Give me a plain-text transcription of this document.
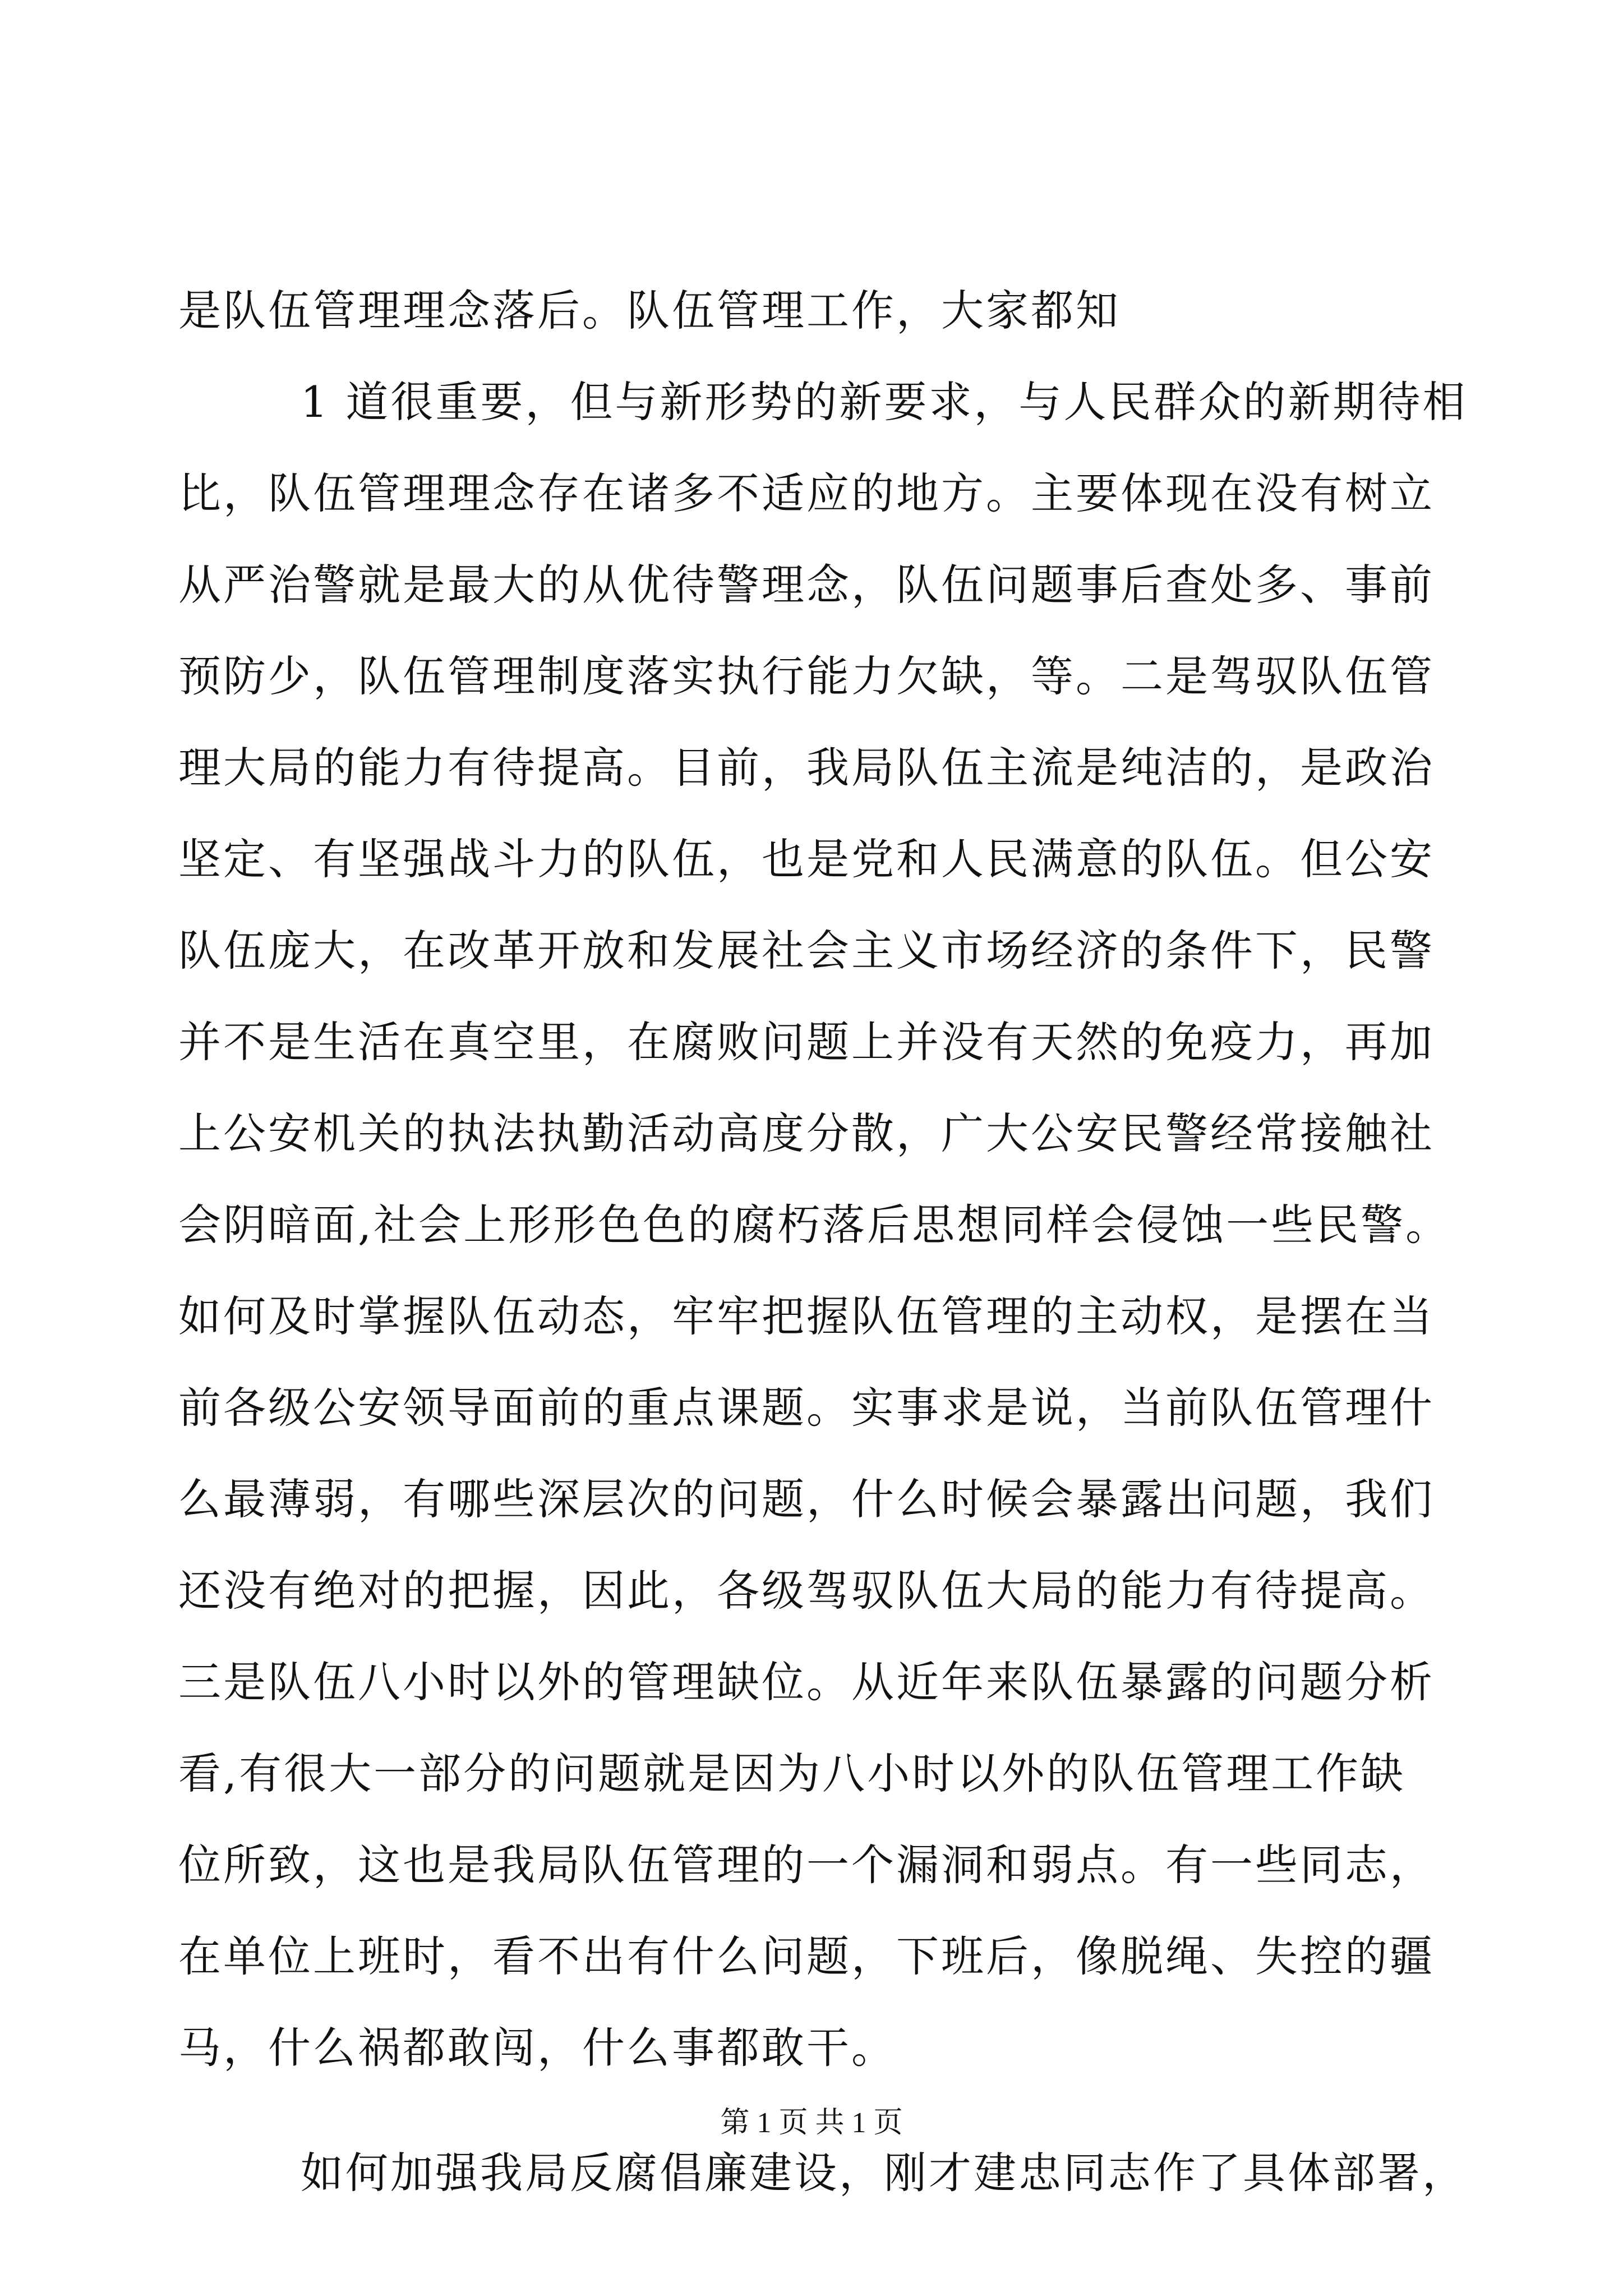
是队伍管理理念落后。队伍管理工作，大家都知
1 道很重要，但与新形势的新要求，与人民群众的新期待相
比，队伍管理理念存在诸多不适应的地方。主要体现在没有树立
从严治警就是最大的从优待警理念，队伍问题事后查处多、事前
预防少，队伍管理制度落实执行能力欠缺，等。二是驾驭队伍管
理大局的能力有待提高。目前，我局队伍主流是纯洁的，是政治
坚定、有坚强战斗力的队伍，也是党和人民满意的队伍。但公安
队伍庞大，在改革开放和发展社会主义市场经济的条件下，民警
并不是生活在真空里，在腐败问题上并没有天然的免疫力，再加
上公安机关的执法执勤活动高度分散，广大公安民警经常接触社
会阴暗面,社会上形形色色的腐朽落后思想同样会侵蚀一些民警。
如何及时掌握队伍动态，牢牢把握队伍管理的主动权，是摆在当
前各级公安领导面前的重点课题。实事求是说，当前队伍管理什
么最薄弱，有哪些深层次的问题，什么时候会暴露出问题，我们
还没有绝对的把握，因此，各级驾驭队伍大局的能力有待提高。
三是队伍八小时以外的管理缺位。从近年来队伍暴露的问题分析
看,有很大一部分的问题就是因为八小时以外的队伍管理工作缺
位所致，这也是我局队伍管理的一个漏洞和弱点。有一些同志，
在单位上班时，看不出有什么问题，下班后，像脱绳、失控的疆
马，什么祸都敢闯，什么事都敢干。
如何加强我局反腐倡廉建设，刚才建忠同志作了具体部署，
第 1 页 共 1 页
